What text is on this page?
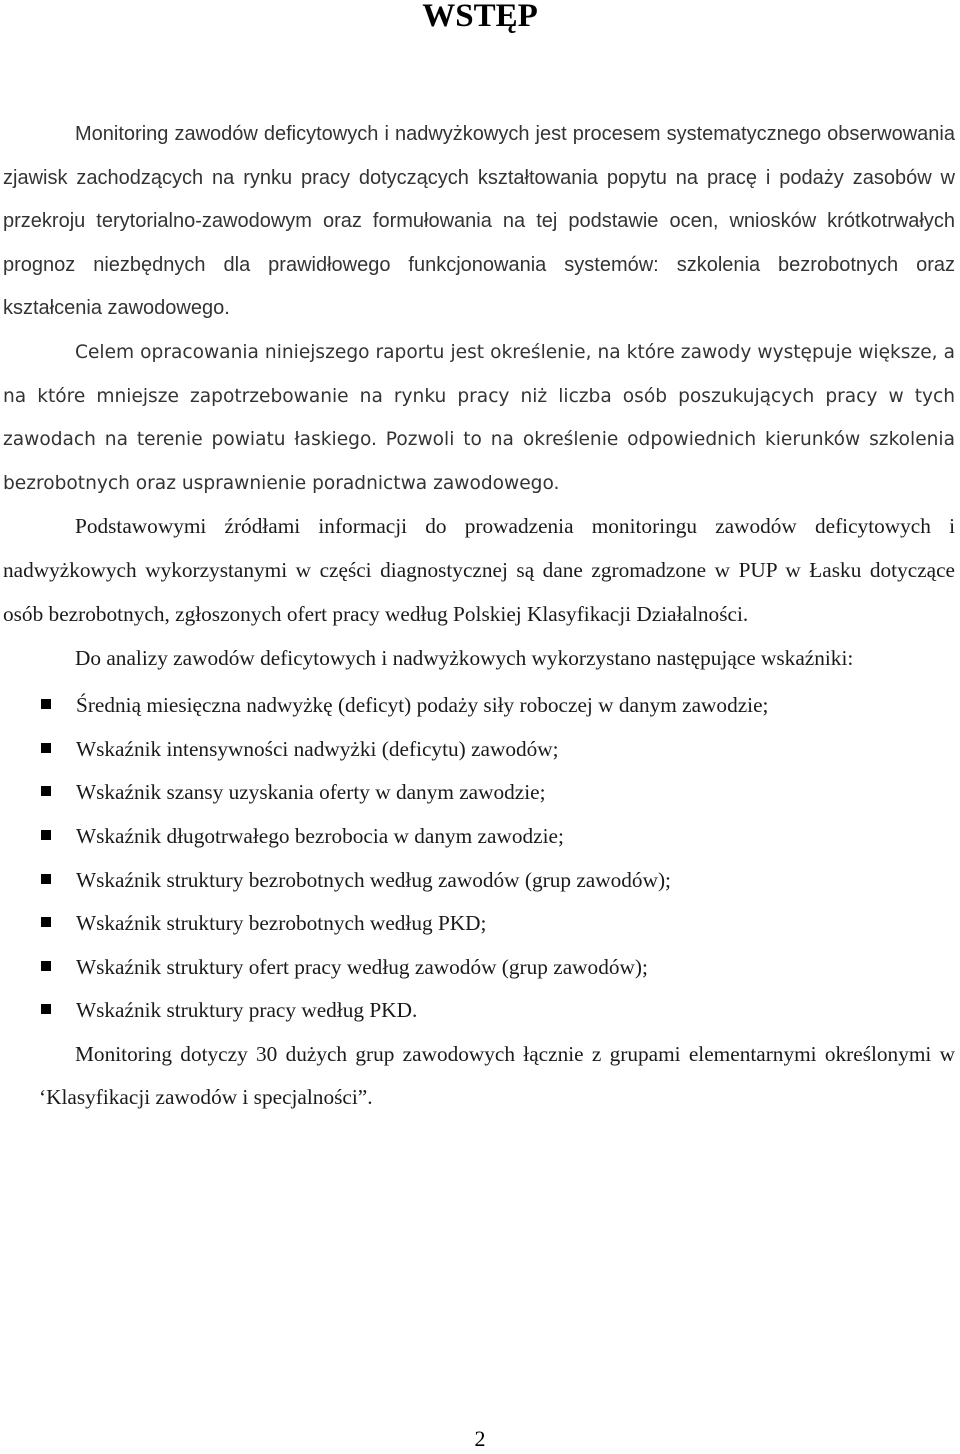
WSTĘP

Monitoring zawodów deficytowych i nadwyżkowych jest procesem systematycznego obserwowania zjawisk zachodzących na rynku pracy dotyczących kształtowania popytu na pracę i podaży zasobów w przekroju terytorialno-zawodowym oraz formułowania na tej podstawie ocen, wniosków krótkotrwałych prognoz niezbędnych dla prawidłowego funkcjonowania systemów: szkolenia bezrobotnych oraz kształcenia zawodowego.

Celem opracowania niniejszego raportu jest określenie, na które zawody występuje większe, a na które mniejsze zapotrzebowanie na rynku pracy niż liczba osób poszukujących pracy w tych zawodach na terenie powiatu łaskiego. Pozwoli to na określenie odpowiednich kierunków szkolenia bezrobotnych oraz usprawnienie poradnictwa zawodowego.

Podstawowymi źródłami informacji do prowadzenia monitoringu zawodów deficytowych i nadwyżkowych wykorzystanymi w części diagnostycznej są dane zgromadzone w PUP w Łasku dotyczące osób bezrobotnych, zgłoszonych ofert pracy według Polskiej Klasyfikacji Działalności.

Do analizy zawodów deficytowych i nadwyżkowych wykorzystano następujące wskaźniki:

Średnią miesięczna nadwyżkę (deficyt) podaży siły roboczej w danym zawodzie;
Wskaźnik intensywności nadwyżki (deficytu) zawodów;
Wskaźnik szansy uzyskania oferty w danym zawodzie;
Wskaźnik długotrwałego bezrobocia w danym zawodzie;
Wskaźnik struktury bezrobotnych według zawodów (grup zawodów);
Wskaźnik struktury bezrobotnych według PKD;
Wskaźnik struktury ofert pracy według zawodów (grup zawodów);
Wskaźnik struktury pracy według PKD.

Monitoring dotyczy 30 dużych grup zawodowych łącznie z grupami elementarnymi określonymi w ‘Klasyfikacji zawodów i specjalności”.

2
